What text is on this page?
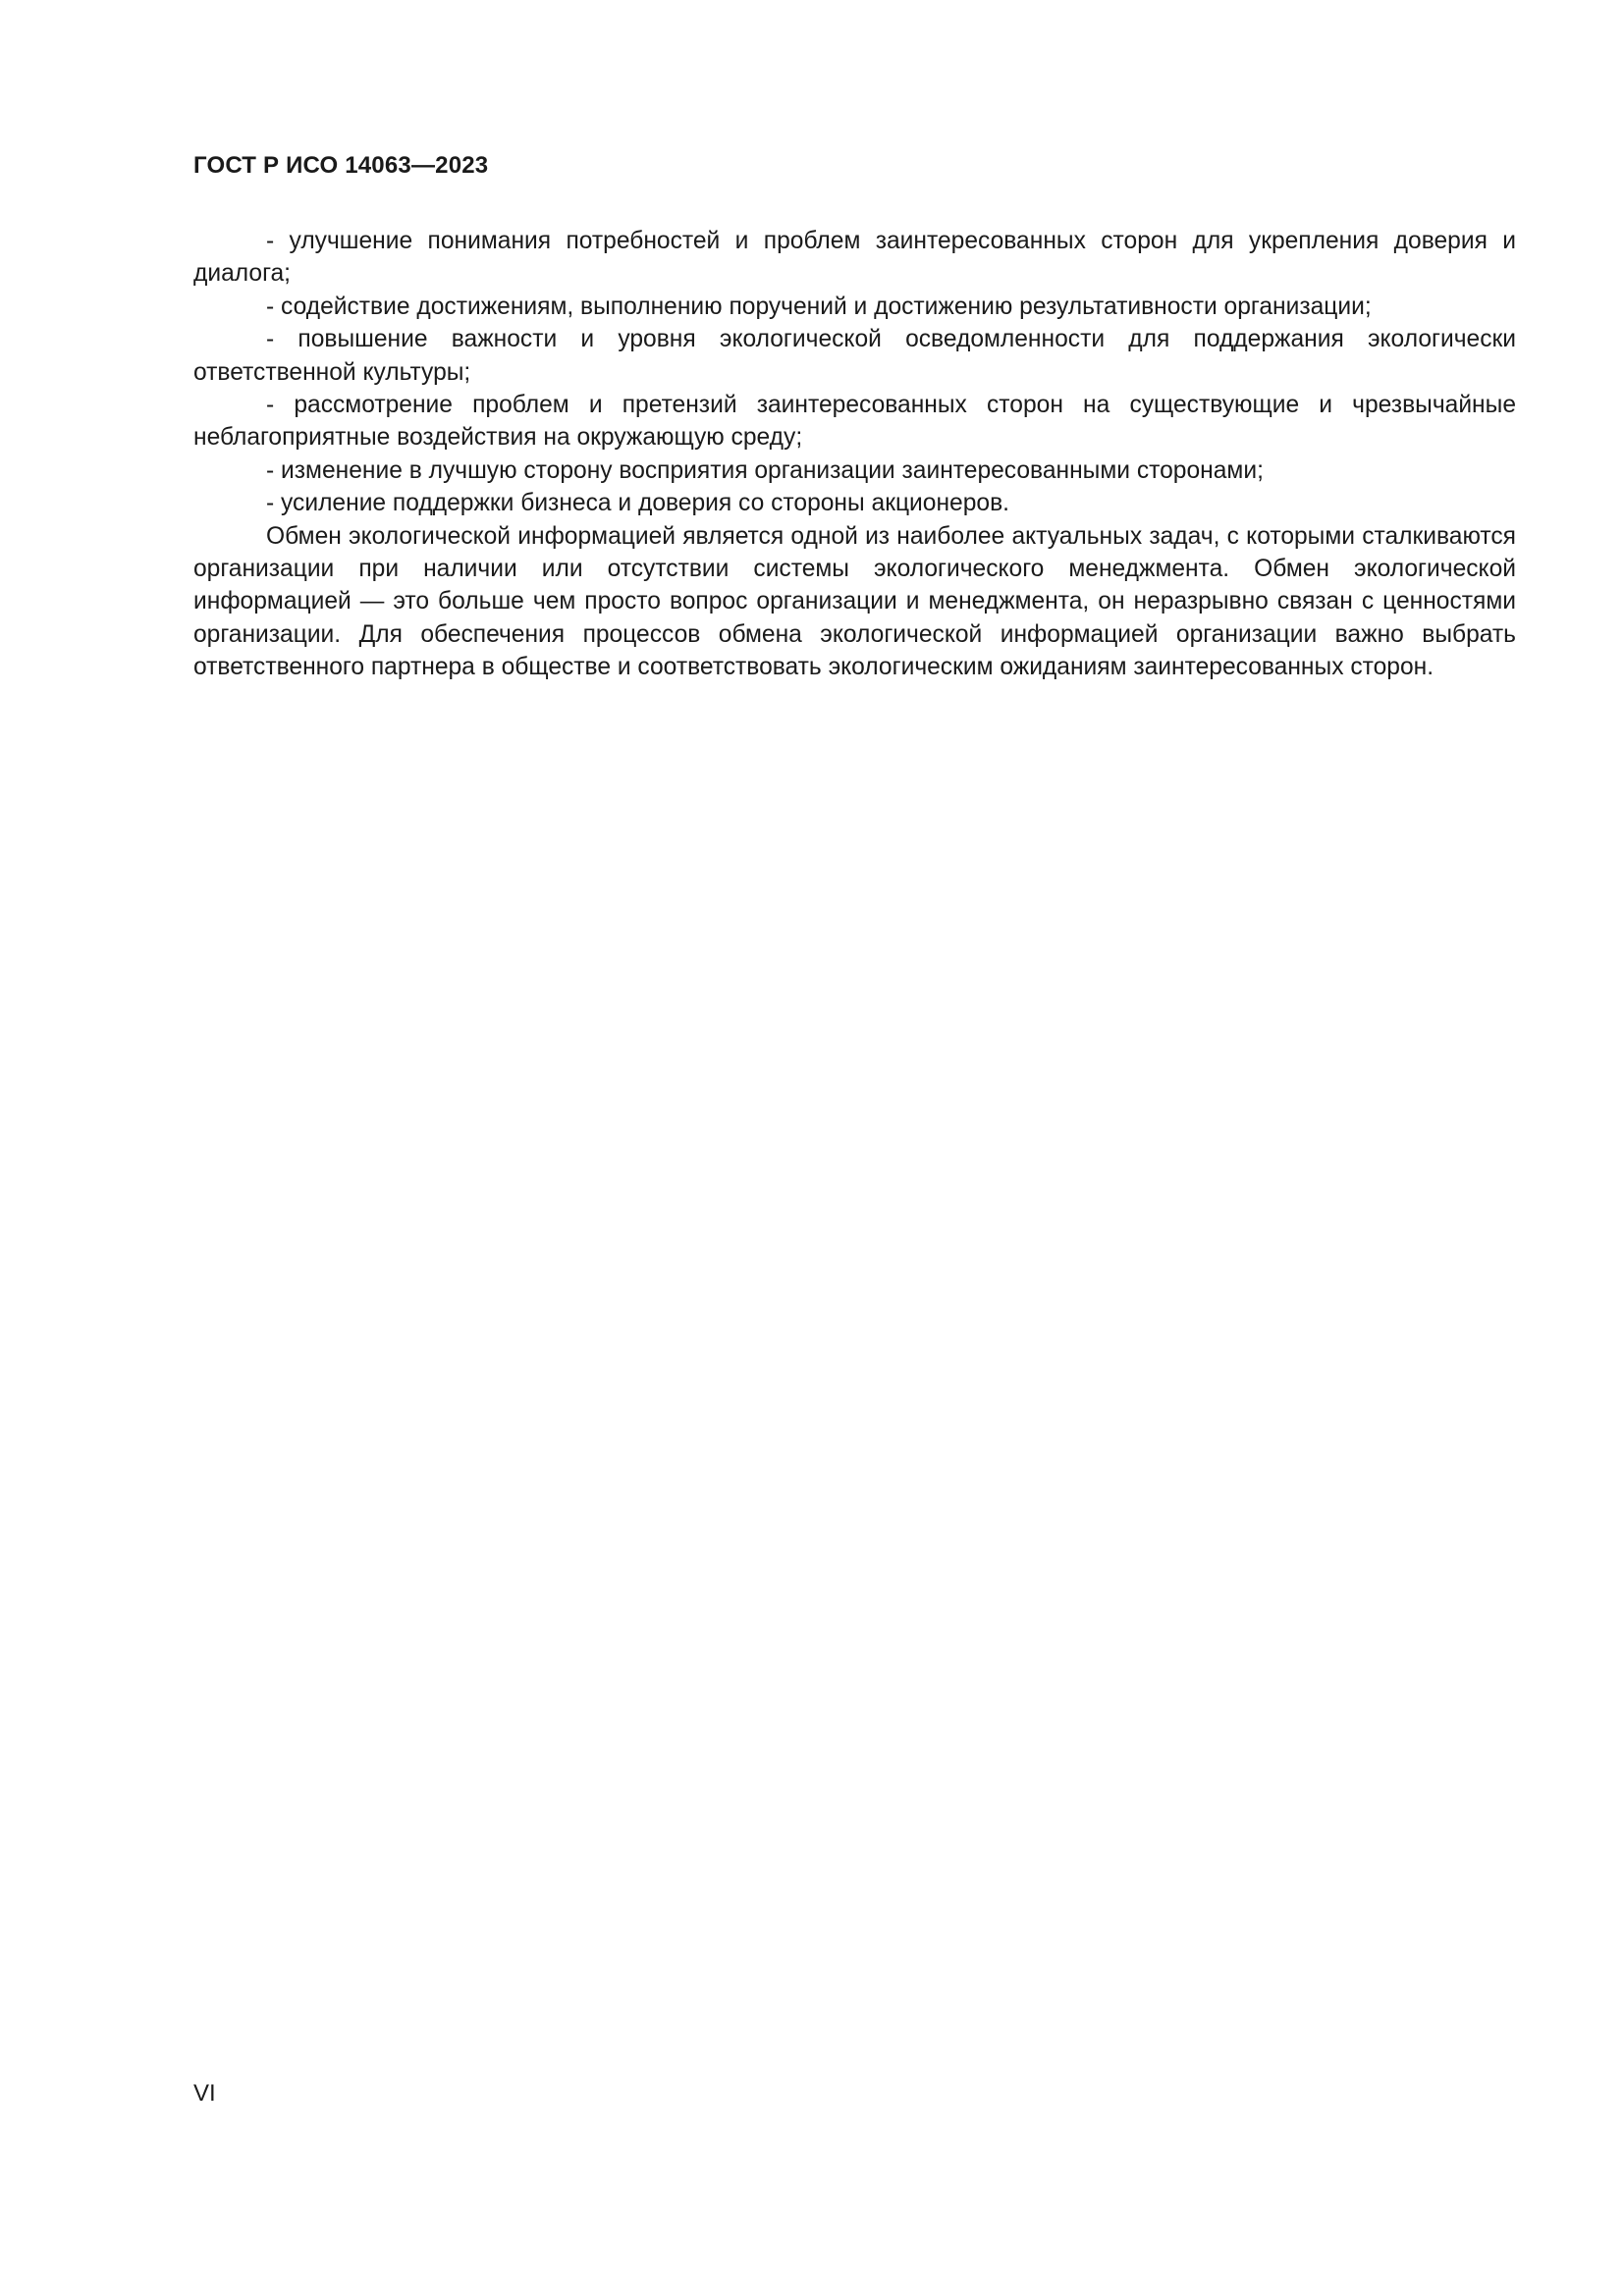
ГОСТ Р ИСО 14063—2023

- улучшение понимания потребностей и проблем заинтересованных сторон для укрепления доверия и диалога;

- содействие достижениям, выполнению поручений и достижению результативности организации;

- повышение важности и уровня экологической осведомленности для поддержания экологически ответственной культуры;

- рассмотрение проблем и претензий заинтересованных сторон на существующие и чрезвычайные неблагоприятные воздействия на окружающую среду;

- изменение в лучшую сторону восприятия организации заинтересованными сторонами;

- усиление поддержки бизнеса и доверия со стороны акционеров.

Обмен экологической информацией является одной из наиболее актуальных задач, с которыми сталкиваются организации при наличии или отсутствии системы экологического менеджмента. Обмен экологической информацией — это больше чем просто вопрос организации и менеджмента, он неразрывно связан с ценностями организации. Для обеспечения процессов обмена экологической информацией организации важно выбрать ответственного партнера в обществе и соответствовать экологическим ожиданиям заинтересованных сторон.

VI
